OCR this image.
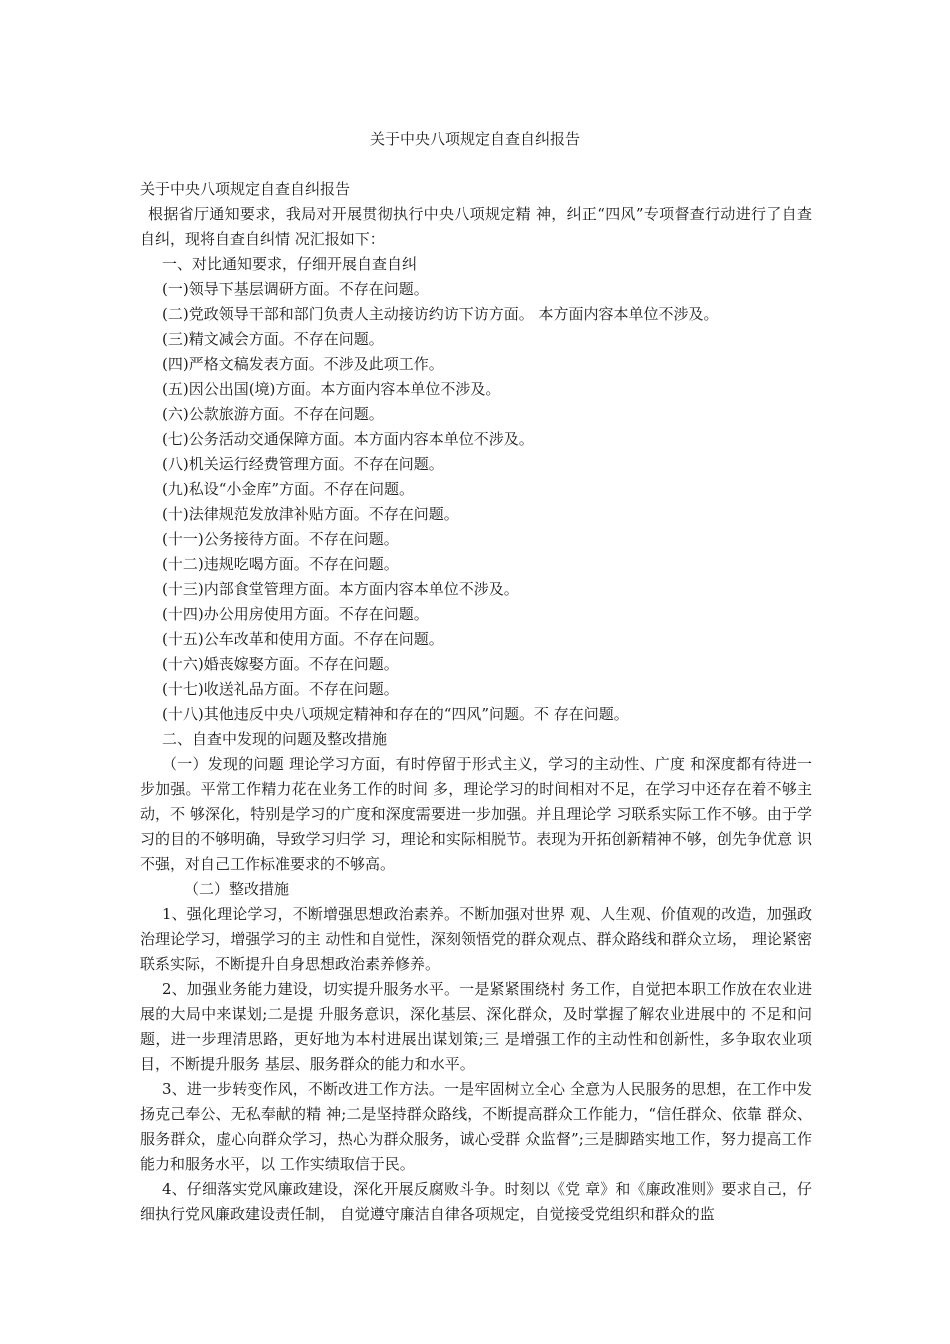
关于中央八项规定自查自纠报告

关于中央八项规定自查自纠报告

根据省厅通知要求，我局对开展贯彻执行中央八项规定精 神，纠正“四风”专项督查行动进行了自查自纠，现将自查自纠情 况汇报如下：

一、对比通知要求，仔细开展自查自纠

(一)领导下基层调研方面。不存在问题。

(二)党政领导干部和部门负责人主动接访约访下访方面。 本方面内容本单位不涉及。

(三)精文减会方面。不存在问题。

(四)严格文稿发表方面。不涉及此项工作。

(五)因公出国(境)方面。本方面内容本单位不涉及。

(六)公款旅游方面。不存在问题。

(七)公务活动交通保障方面。本方面内容本单位不涉及。

(八)机关运行经费管理方面。不存在问题。

(九)私设“小金库”方面。不存在问题。

(十)法律规范发放津补贴方面。不存在问题。

(十一)公务接待方面。不存在问题。

(十二)违规吃喝方面。不存在问题。

(十三)内部食堂管理方面。本方面内容本单位不涉及。

(十四)办公用房使用方面。不存在问题。

(十五)公车改革和使用方面。不存在问题。

(十六)婚丧嫁娶方面。不存在问题。

(十七)收送礼品方面。不存在问题。

(十八)其他违反中央八项规定精神和存在的“四风”问题。不 存在问题。

二、自查中发现的问题及整改措施

（一）发现的问题 理论学习方面，有时停留于形式主义，学习的主动性、广度 和深度都有待进一步加强。平常工作精力花在业务工作的时间 多，理论学习的时间相对不足，在学习中还存在着不够主动，不 够深化，特别是学习的广度和深度需要进一步加强。并且理论学 习联系实际工作不够。由于学习的目的不够明确，导致学习归学 习，理论和实际相脱节。表现为开拓创新精神不够，创先争优意 识不强，对自己工作标准要求的不够高。

（二）整改措施

1、强化理论学习，不断增强思想政治素养。不断加强对世界 观、人生观、价值观的改造，加强政治理论学习，增强学习的主 动性和自觉性，深刻领悟党的群众观点、群众路线和群众立场， 理论紧密联系实际，不断提升自身思想政治素养修养。

2、加强业务能力建设，切实提升服务水平。一是紧紧围绕村 务工作，自觉把本职工作放在农业进展的大局中来谋划;二是提 升服务意识，深化基层、深化群众，及时掌握了解农业进展中的 不足和问题，进一步理清思路，更好地为本村进展出谋划策;三 是增强工作的主动性和创新性，多争取农业项目，不断提升服务 基层、服务群众的能力和水平。

3、进一步转变作风，不断改进工作方法。一是牢固树立全心 全意为人民服务的思想，在工作中发扬克己奉公、无私奉献的精 神;二是坚持群众路线，不断提高群众工作能力，“信任群众、依靠 群众、服务群众，虚心向群众学习，热心为群众服务，诚心受群 众监督”;三是脚踏实地工作，努力提高工作能力和服务水平，以 工作实绩取信于民。

4、仔细落实党风廉政建设，深化开展反腐败斗争。时刻以《党 章》和《廉政准则》要求自己，仔细执行党风廉政建设责任制， 自觉遵守廉洁自律各项规定，自觉接受党组织和群众的监
